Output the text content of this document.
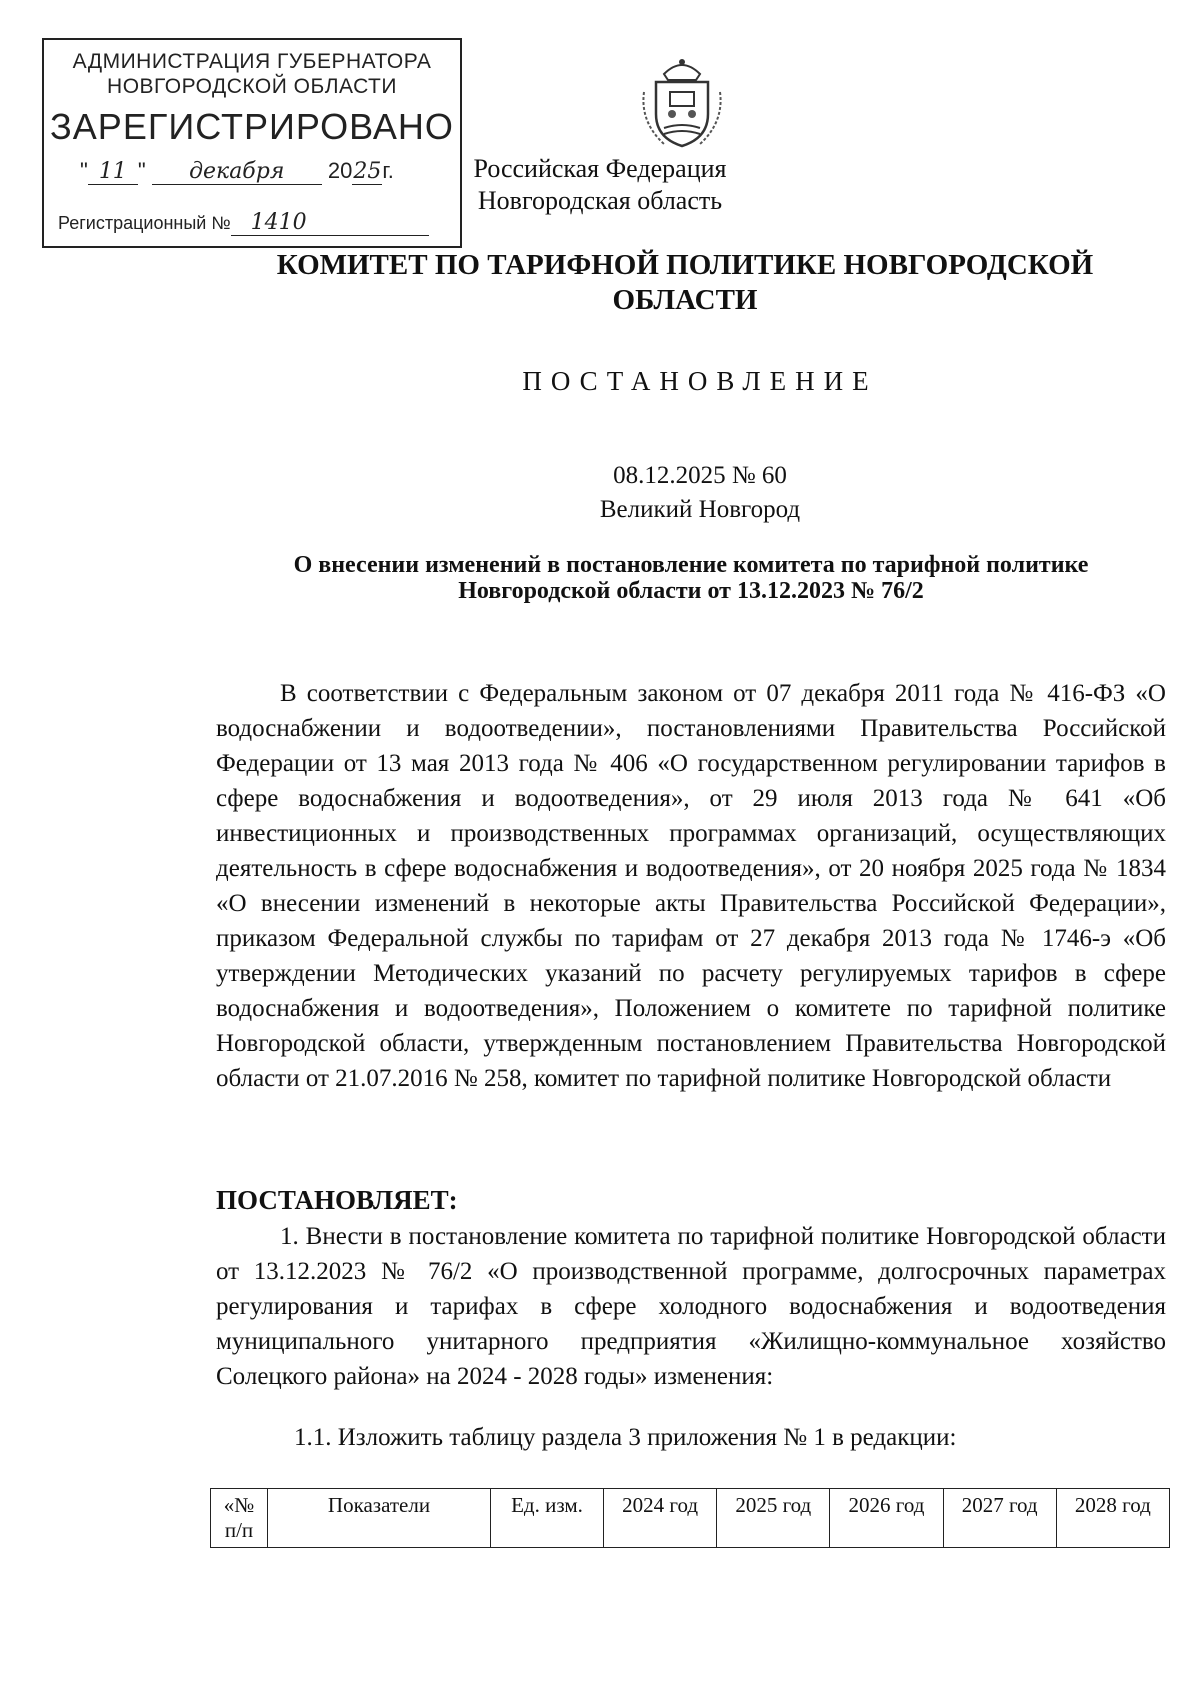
АДМИНИСТРАЦИЯ ГУБЕРНАТОРА
НОВГОРОДСКОЙ ОБЛАСТИ
ЗАРЕГИСТРИРОВАНО
" 11 " декабря 2025г.
Регистрационный № 1410
Российская Федерация
Новгородская область
КОМИТЕТ ПО ТАРИФНОЙ ПОЛИТИКЕ НОВГОРОДСКОЙ ОБЛАСТИ
ПОСТАНОВЛЕНИЕ
08.12.2025 № 60
Великий Новгород
О внесении изменений в постановление комитета по тарифной политике Новгородской области от 13.12.2023 № 76/2
В соответствии с Федеральным законом от 07 декабря 2011 года № 416-ФЗ «О водоснабжении и водоотведении», постановлениями Правительства Российской Федерации от 13 мая 2013 года № 406 «О государственном регулировании тарифов в сфере водоснабжения и водоотведения», от 29 июля 2013 года № 641 «Об инвестиционных и производственных программах организаций, осуществляющих деятельность в сфере водоснабжения и водоотведения», от 20 ноября 2025 года № 1834 «О внесении изменений в некоторые акты Правительства Российской Федерации», приказом Федеральной службы по тарифам от 27 декабря 2013 года № 1746-э «Об утверждении Методических указаний по расчету регулируемых тарифов в сфере водоснабжения и водоотведения», Положением о комитете по тарифной политике Новгородской области, утвержденным постановлением Правительства Новгородской области от 21.07.2016 № 258, комитет по тарифной политике Новгородской области
ПОСТАНОВЛЯЕТ:
1. Внести в постановление комитета по тарифной политике Новгородской области от 13.12.2023 № 76/2 «О производственной программе, долгосрочных параметрах регулирования и тарифах в сфере холодного водоснабжения и водоотведения муниципального унитарного предприятия «Жилищно-коммунальное хозяйство Солецкого района» на 2024 - 2028 годы» изменения:
1.1. Изложить таблицу раздела 3 приложения № 1 в редакции:
«№ п/п	Показатели	Ед. изм.	2024 год	2025 год	2026 год	2027 год	2028 год
